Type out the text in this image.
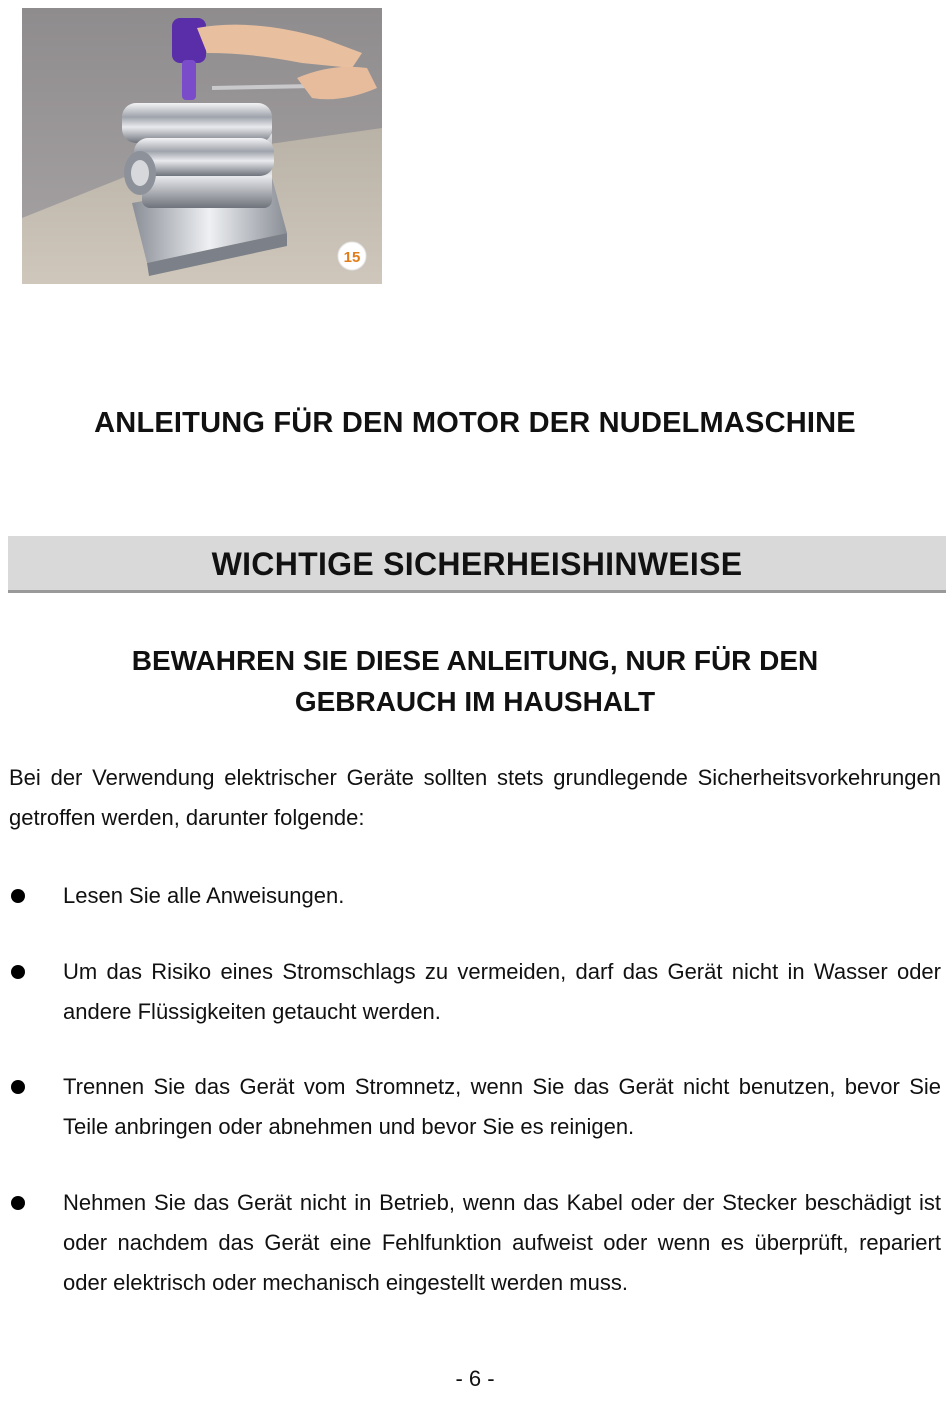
15
ANLEITUNG FÜR DEN MOTOR DER NUDELMASCHINE
WICHTIGE SICHERHEISHINWEISE
BEWAHREN SIE DIESE ANLEITUNG, NUR FÜR DEN
GEBRAUCH IM HAUSHALT

Bei der Verwendung elektrischer Geräte sollten stets grundlegende Sicherheitsvorkehrungen getroffen werden, darunter folgende:

Lesen Sie alle Anweisungen.
Um das Risiko eines Stromschlags zu vermeiden, darf das Gerät nicht in Wasser oder andere Flüssigkeiten getaucht werden.
Trennen Sie das Gerät vom Stromnetz, wenn Sie das Gerät nicht benutzen, bevor Sie Teile anbringen oder abnehmen und bevor Sie es reinigen.
Nehmen Sie das Gerät nicht in Betrieb, wenn das Kabel oder der Stecker beschädigt ist oder nachdem das Gerät eine Fehlfunktion aufweist oder wenn es überprüft, repariert oder elektrisch oder mechanisch eingestellt werden muss.

- 6 -
